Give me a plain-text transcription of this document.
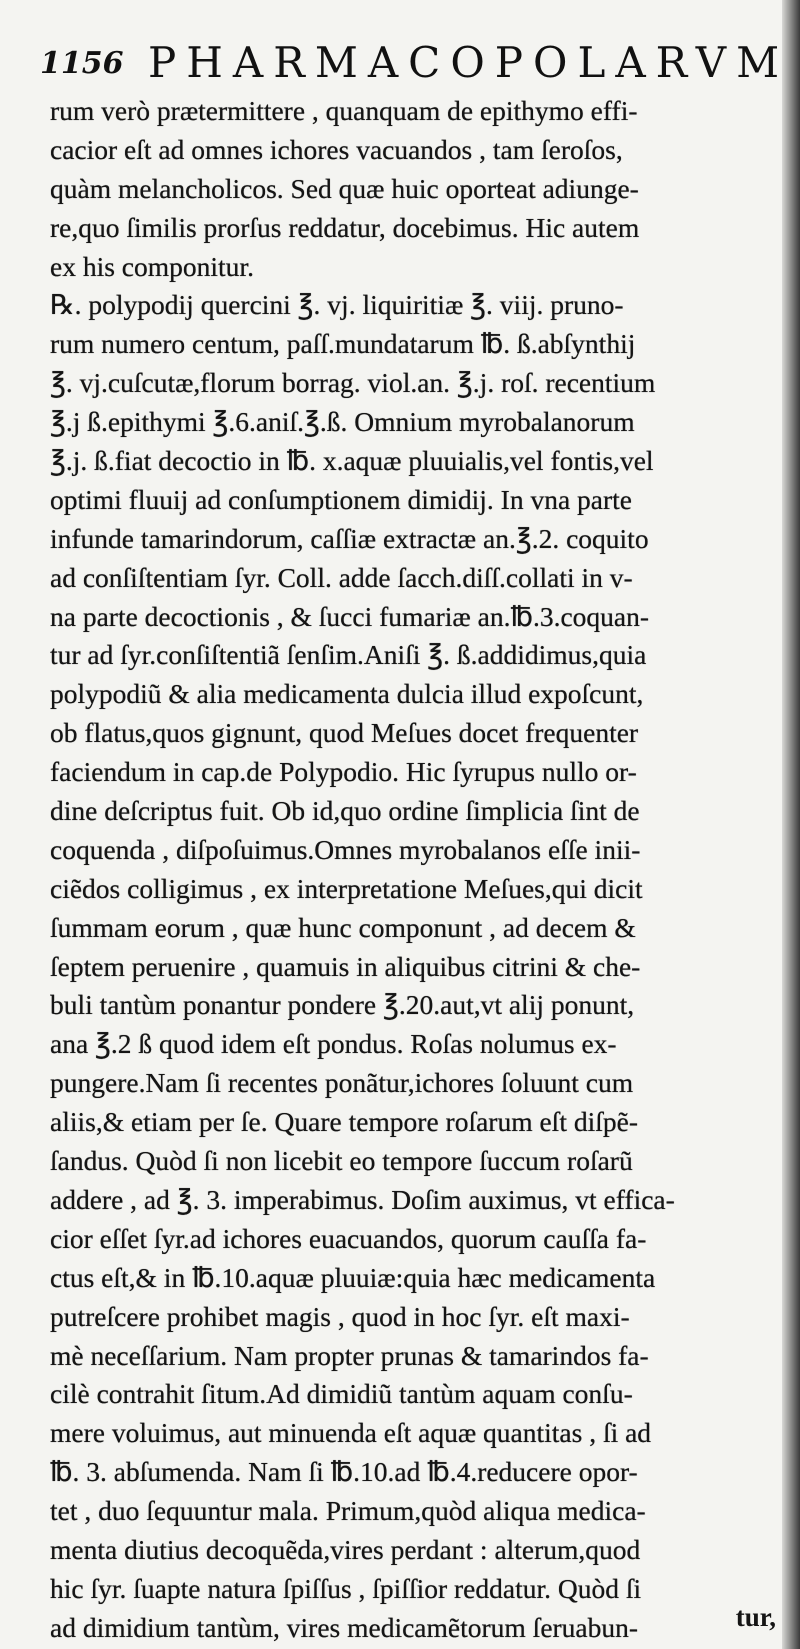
1156 PHARMACOPOLARVM
rum verò prætermittere , quanquam de epithymo effi-
cacior eſt ad omnes ichores vacuandos , tam ſeroſos,
quàm melancholicos. Sed quæ huic oporteat adiunge-
re,quo ſimilis prorſus reddatur, docebimus. Hic autem
ex his componitur.
℞. polypodij quercini ℥. vj. liquiritiæ ℥. viij. pruno-
rum numero centum, paſſ.mundatarum ℔. ß.abſynthij
℥. vj.cuſcutæ,florum borrag. viol.an. ℥.j. roſ. recentium
℥.j ß.epithymi ℥.6.aniſ.℥.ß. Omnium myrobalanorum
℥.j. ß.fiat decoctio in ℔. x.aquæ pluuialis,vel fontis,vel
optimi fluuij ad conſumptionem dimidij. In vna parte
infunde tamarindorum, caſſiæ extractæ an.℥.2. coquito
ad conſiſtentiam ſyr. Coll. adde ſacch.diſſ.collati in v-
na parte decoctionis , & ſucci fumariæ an.℔.3.coquan-
tur ad ſyr.conſiſtentiã ſenſim.Aniſi ℥. ß.addidimus,quia
polypodiũ & alia medicamenta dulcia illud expoſcunt,
ob flatus,quos gignunt, quod Meſues docet frequenter
faciendum in cap.de Polypodio. Hic ſyrupus nullo or-
dine deſcriptus fuit. Ob id,quo ordine ſimplicia ſint de
coquenda , diſpoſuimus.Omnes myrobalanos eſſe inii-
ciẽdos colligimus , ex interpretatione Meſues,qui dicit
ſummam eorum , quæ hunc componunt , ad decem &
ſeptem peruenire , quamuis in aliquibus citrini & che-
buli tantùm ponantur pondere ℥.20.aut,vt alij ponunt,
ana ℥.2 ß quod idem eſt pondus. Roſas nolumus ex-
pungere.Nam ſi recentes ponãtur,ichores ſoluunt cum
aliis,& etiam per ſe. Quare tempore roſarum eſt diſpẽ-
ſandus. Quòd ſi non licebit eo tempore ſuccum roſarũ
addere , ad ℥. 3. imperabimus. Doſim auximus, vt effica-
cior eſſet ſyr.ad ichores euacuandos, quorum cauſſa fa-
ctus eſt,& in ℔.10.aquæ pluuiæ:quia hæc medicamenta
putreſcere prohibet magis , quod in hoc ſyr. eſt maxi-
mè neceſſarium. Nam propter prunas & tamarindos fa-
cilè contrahit ſitum.Ad dimidiũ tantùm aquam conſu-
mere voluimus, aut minuenda eſt aquæ quantitas , ſi ad
℔. 3. abſumenda. Nam ſi ℔.10.ad ℔.4.reducere opor-
tet , duo ſequuntur mala. Primum,quòd aliqua medica-
menta diutius decoquẽda,vires perdant : alterum,quod
hic ſyr. ſuapte natura ſpiſſus , ſpiſſior reddatur. Quòd ſi
ad dimidium tantùm, vires medicamẽtorum ſeruabun-	tur,
